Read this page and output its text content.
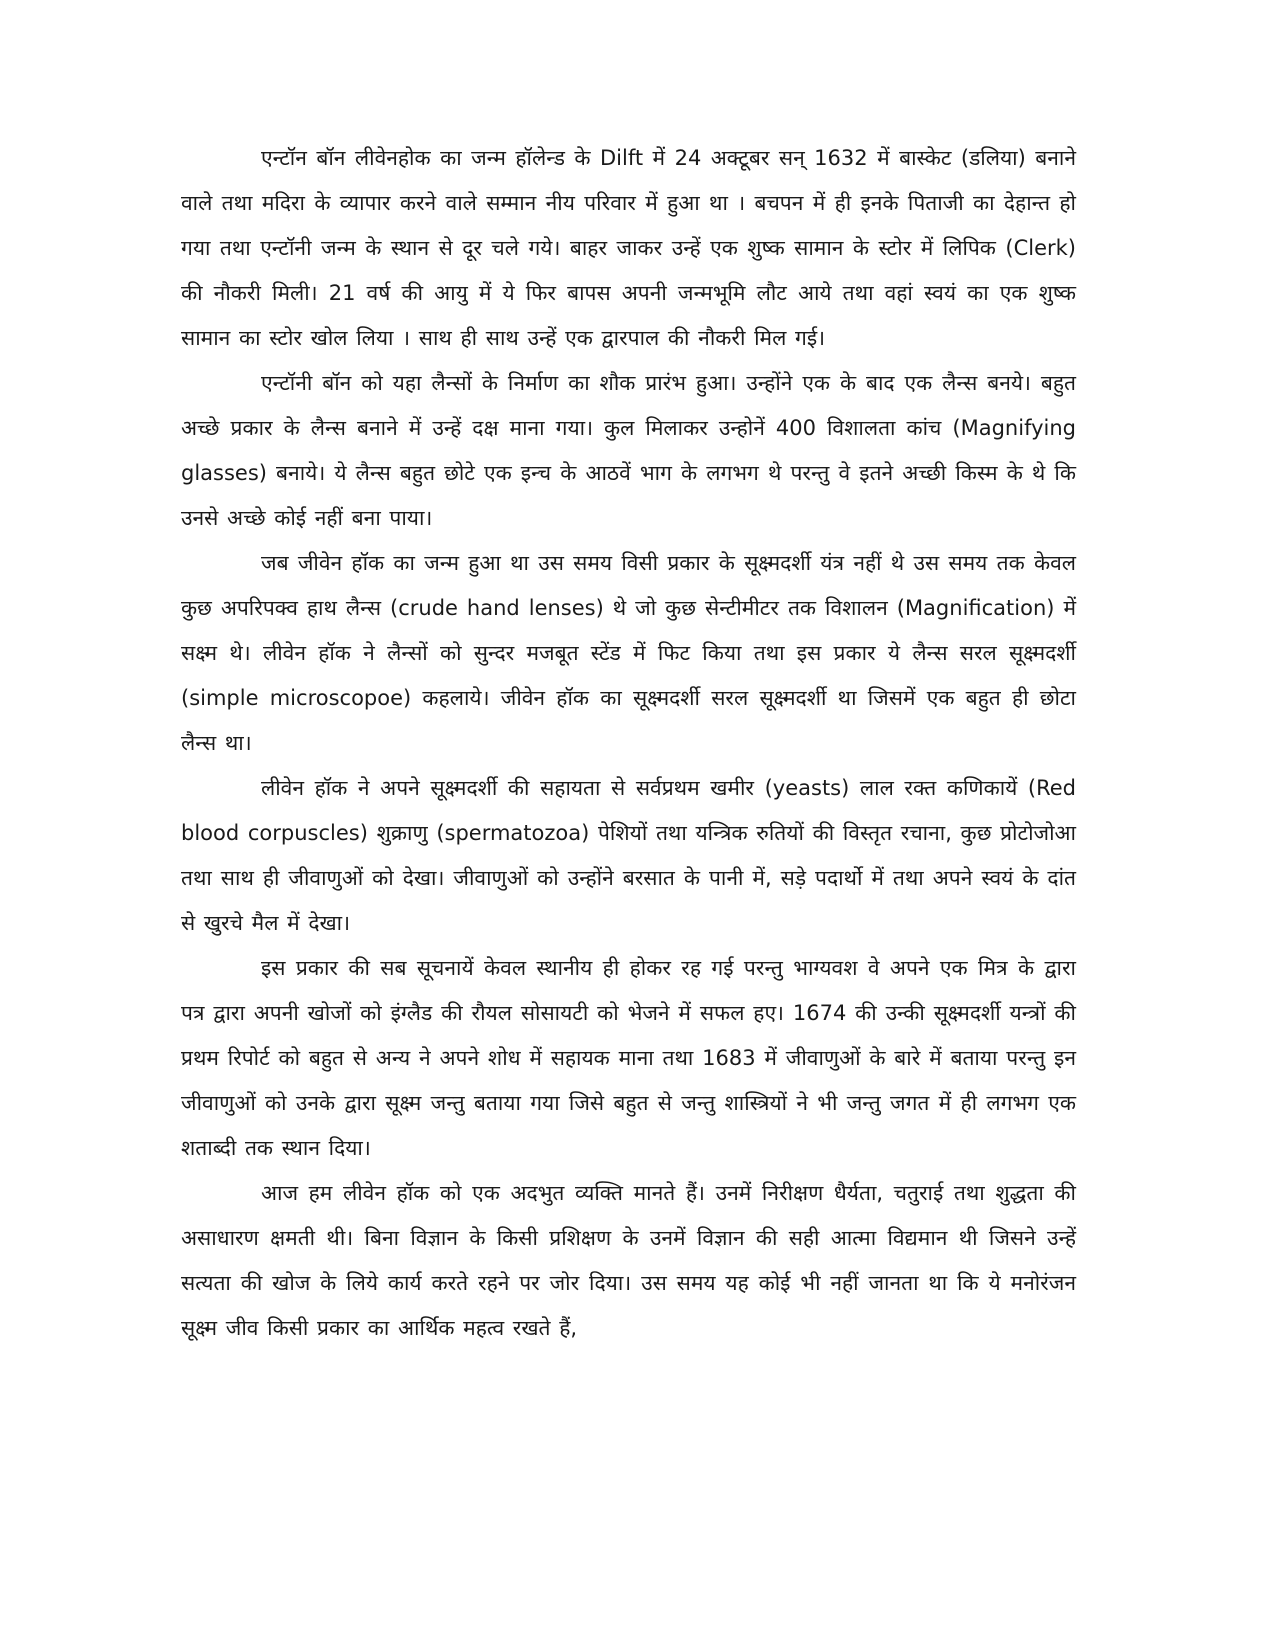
एन्टॉन बॉन लीवेनहोक का जन्म हॉलेन्ड के Dilft में 24 अक्टूबर सन् 1632 में बास्केट (डलिया) बनाने वाले तथा मदिरा के व्यापार करने वाले सम्मान नीय परिवार में हुआ था । बचपन में ही इनके पिताजी का देहान्त हो गया तथा एन्टॉनी जन्म के स्थान से दूर चले गये। बाहर जाकर उन्हें एक शुष्क सामान के स्टोर में लिपिक (Clerk) की नौकरी मिली। 21 वर्ष की आयु में ये फिर बापस अपनी जन्मभूमि लौट आये तथा वहां स्वयं का एक शुष्क सामान का स्टोर खोल लिया । साथ ही साथ उन्हें एक द्वारपाल की नौकरी मिल गई।

एन्टॉनी बॉन को यहा लैन्सों के निर्माण का शौक प्रारंभ हुआ। उन्होंने एक के बाद एक लैन्स बनये। बहुत अच्छे प्रकार के लैन्स बनाने में उन्हें दक्ष माना गया। कुल मिलाकर उन्होनें 400 विशालता कांच (Magnifying glasses) बनाये। ये लैन्स बहुत छोटे एक इन्च के आठवें भाग के लगभग थे परन्तु वे इतने अच्छी किस्म के थे कि उनसे अच्छे कोई नहीं बना पाया।

जब जीवेन हॉक का जन्म हुआ था उस समय विसी प्रकार के सूक्ष्मदर्शी यंत्र नहीं थे उस समय तक केवल कुछ अपरिपक्व हाथ लैन्स (crude hand lenses) थे जो कुछ सेन्टीमीटर तक विशालन (Magnification) में सक्ष्म थे। लीवेन हॉक ने लैन्सों को सुन्दर मजबूत स्टेंड में फिट किया तथा इस प्रकार ये लैन्स सरल सूक्ष्मदर्शी (simple microscopoe) कहलाये। जीवेन हॉक का सूक्ष्मदर्शी सरल सूक्ष्मदर्शी था जिसमें एक बहुत ही छोटा लैन्स था।

लीवेन हॉक ने अपने सूक्ष्मदर्शी की सहायता से सर्वप्रथम खमीर (yeasts) लाल रक्त कणिकायें (Red blood corpuscles) शुक्राणु (spermatozoa) पेशियों तथा यन्त्रिक रुतियों की विस्तृत रचाना, कुछ प्रोटोजोआ तथा साथ ही जीवाणुओं को देखा। जीवाणुओं को उन्होंने बरसात के पानी में, सड़े पदार्थो में तथा अपने स्वयं के दांत से खुरचे मैल में देखा।

इस प्रकार की सब सूचनायें केवल स्थानीय ही होकर रह गई परन्तु भाग्यवश वे अपने एक मित्र के द्वारा पत्र द्वारा अपनी खोजों को इंग्लैड की रौयल सोसायटी को भेजने में सफल हए। 1674 की उन्की सूक्ष्मदर्शी यन्त्रों की प्रथम रिपोर्ट को बहुत से अन्य ने अपने शोध में सहायक माना तथा 1683 में जीवाणुओं के बारे में बताया परन्तु इन जीवाणुओं को उनके द्वारा सूक्ष्म जन्तु बताया गया जिसे बहुत से जन्तु शास्त्रियों ने भी जन्तु जगत में ही लगभग एक शताब्दी तक स्थान दिया।

आज हम लीवेन हॉक को एक अदभुत व्यक्ति मानते हैं। उनमें निरीक्षण धैर्यता, चतुराई तथा शुद्धता की असाधारण क्षमती थी। बिना विज्ञान के किसी प्रशिक्षण के उनमें विज्ञान की सही आत्मा विद्यमान थी जिसने उन्हें सत्यता की खोज के लिये कार्य करते रहने पर जोर दिया। उस समय यह कोई भी नहीं जानता था कि ये मनोरंजन सूक्ष्म जीव किसी प्रकार का आर्थिक महत्व रखते हैं,
